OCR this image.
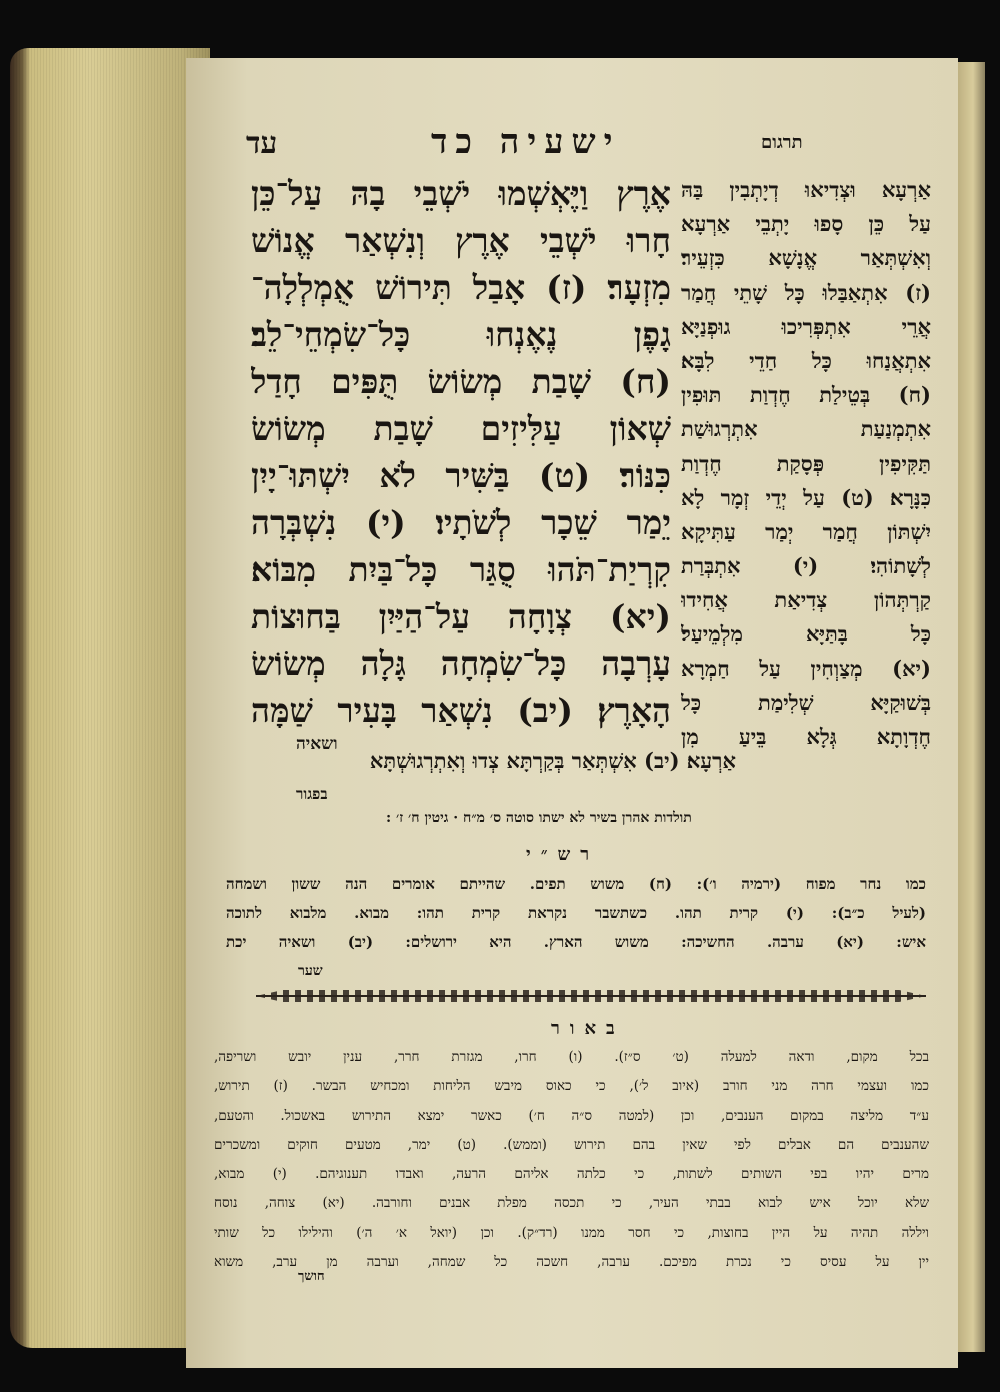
עד	ישעיה כד	תרגום
אֶרֶץ וַיֶּאְשְׁמוּ יֹשְׁבֵי בָהּ עַל־כֵּן
חָרוּ יֹשְׁבֵי אֶרֶץ וְנִשְׁאַר אֱנוֹשׁ
מִזְעָר׃ (ז) אָבַל תִּירוֹשׁ אֻמְלְלָה־
גָפֶן נֶאֶנְחוּ כָּל־שִׂמְחֵי־לֵב׃
(ח) שָׁבַת מְשׂוֹשׂ תֻּפִּים חָדַל
שְׁאוֹן עַלִּיזִים שָׁבַת מְשׂוֹשׂ
כִּנּוֹר׃ (ט) בַּשִּׁיר לֹא יִשְׁתּוּ־יָיִן
יֵמַר שֵׁכָר לְשֹׁתָיו׃ (י) נִשְׁבְּרָה
קִרְיַת־תֹּהוּ סֻגַּר כָּל־בַּיִת מִבּוֹא׃
(יא) צְוָחָה עַל־הַיַּיִן בַּחוּצוֹת
עָרְבָה כָּל־שִׂמְחָה גָּלָה מְשׂוֹשׂ
הָאָרֶץ׃ (יב) נִשְׁאַר בָּעִיר שַׁמָּה
אַרְעָא וּצְדִיאוּ דְיָתְבִין בַּהּ
עַל כֵּן סָפוּ יָתְבֵי אַרְעָא
וְאִשְׁתְּאַר אֱנָשָׁא כִּזְעֵיר׃
(ז) אִתְאַבַּלוּ כָּל שָׁתֵי חֲמַר
אֲרֵי אִתְפְּרִיכוּ גוּפְנַיָּא
אִתְאֲנַחוּ כָּל חַדֵי לִבָּא׃
(ח) בְּטֵילַת חֶדְוַת תּוּפִין
אִתְמְנַעַת אִתְרְגוּשַׁת
תַּקִּיפִין פְּסָקַת חֶדְוַת
כִּנָּרָא׃ (ט) עַל יְדֵי זְמָר לָא
יִשְׁתּוֹן חֲמַר יְמַר עַתִּיקָא
לְשָׁתוֹהִי׃ (י) אִתְבְּרַת
קַרְתְּהוֹן צְדִיאַת אֲחִידוּ
כָּל בָּתַּיָּא מִלְמֵיעַל׃
(יא) מְצַוְחִין עַל חַמְרָא
בְּשׁוּקַיָּא שְׁלִימַת כָּל
חֶדְוָתָא גְּלָא בֵּיעַ מִן
ושאיה
אַרְעָא׃ (יב) אִשְׁתְּאַר בְּקַרְתָּא צְדוּ וְאִתְרְגוּשְׁתָּא
בפגור
תולדות אהרן בשיר לא ישתו סוטה ס׳ מ״ח · גיטין ח׳ ז׳ :
רש״י
כמו נחר מפוח (ירמיה ו׳): (ח) משוש תפים. שהייתם אומרים הנה ששון ושמחה
(לעיל כ״ב): (י) קרית תהו. כשתשבר נקראת קרית תהו: מבוא. מלבוא לתוכה
איש: (יא) ערבה. החשיכה: משוש הארץ. היא ירושלים: (יב) ושאיה יכת
שער
באור
בכל מקום, ודאה למעלה (ט׳ ס״ז). (ו) חרו, מגזרת חרר, ענין יובש ושריפה,
כמו ועצמי חרה מני חורב (איוב ל׳), כי כאוס מיבש הליחות ומכחיש הבשר. (ז) תירוש,
ע״ד מליצה במקום הענבים, וכן (למטה ס״ה ח׳) כאשר ימצא התירוש באשכול. והטעם,
שהענבים הם אבלים לפי שאין בהם תירוש (וממש). (ט) ימר, מטעים חוקים ומשכרים
מרים יהיו בפי השותים לשתות, כי כלתה אליהם הרעה, ואבדו תענוגיהם. (י) מבוא,
שלא יוכל איש לבוא בבתי העיר, כי תכסה מפלת אבנים וחורבה. (יא) צוחה, נוסח
ויללה תהיה על היין בחוצות, כי חסר ממנו (רד״ק). וכן (יואל א׳ ה׳) והילילו כל שותי
יין על עסיס כי נכרת מפיכם. ערבה, חשכה כל שמחה, וערבה מן ערב, משוא
חושך
